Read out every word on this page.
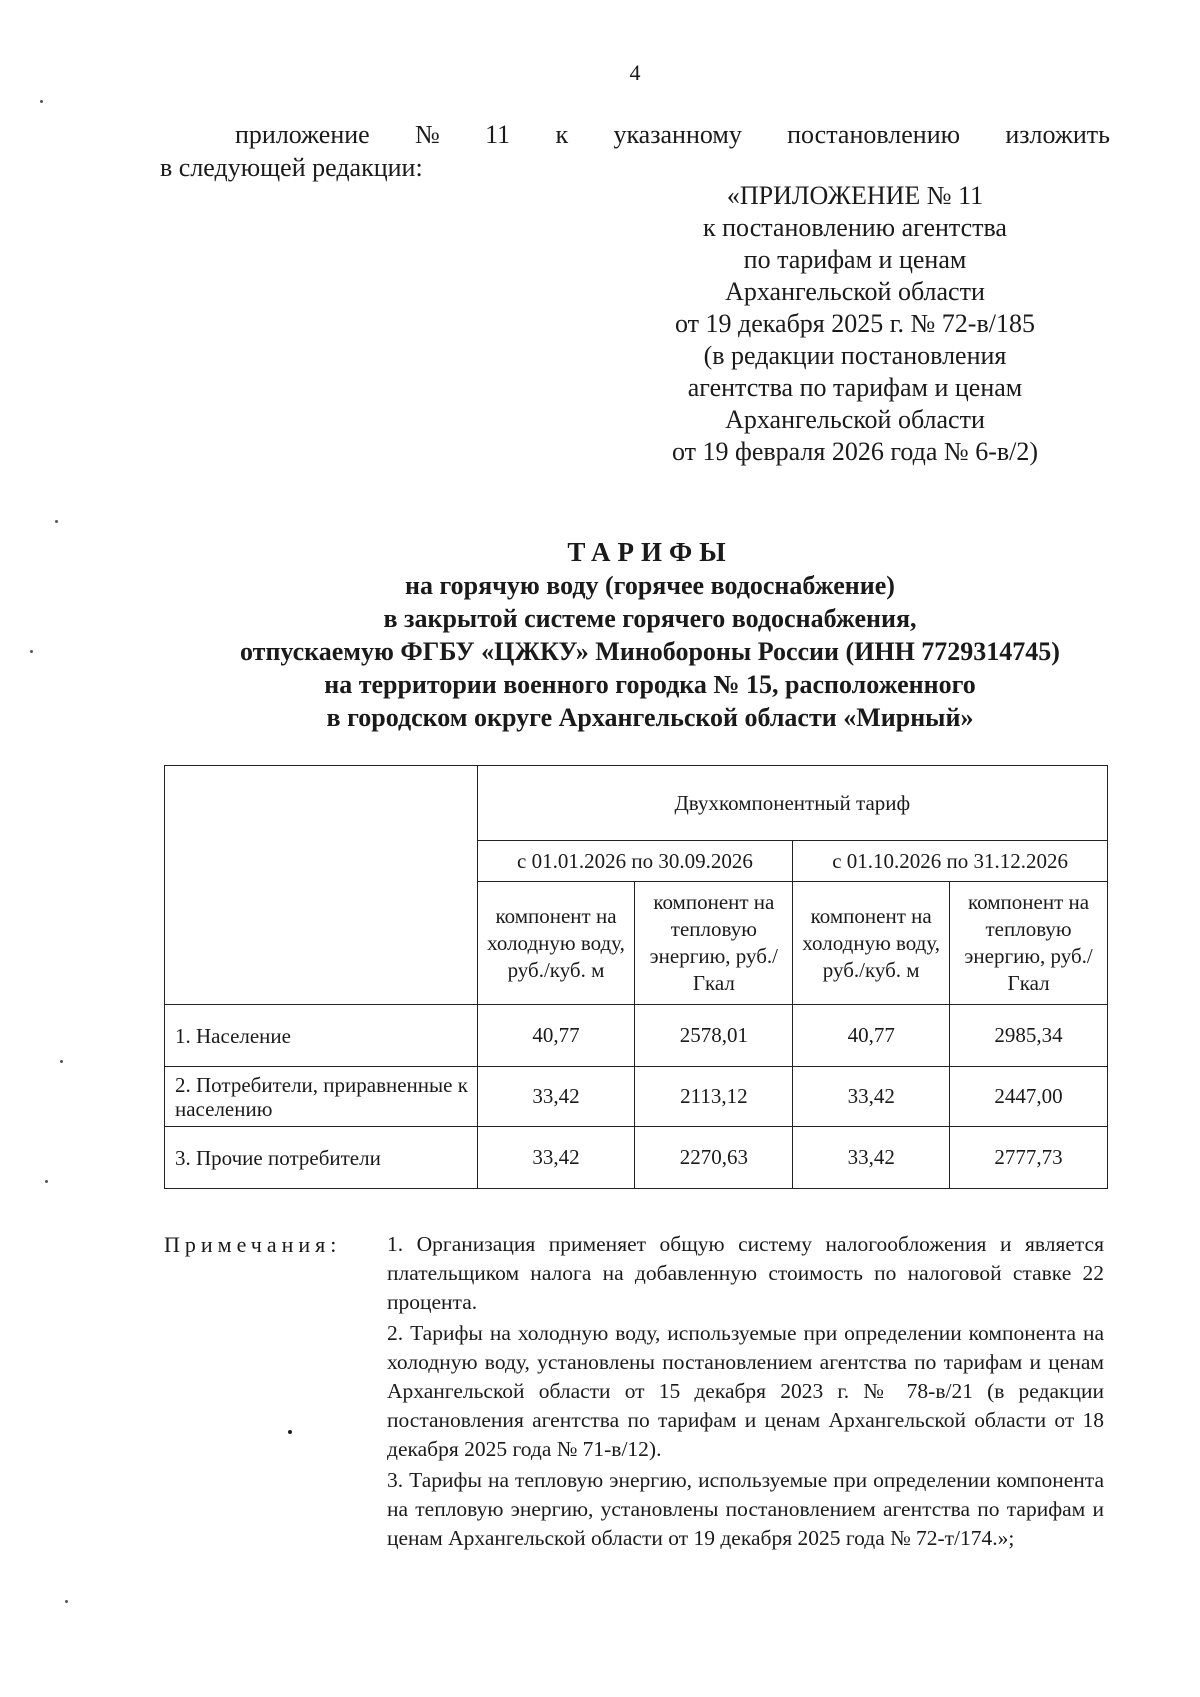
4
приложение № 11 к указанному постановлению изложить
в следующей редакции:
«ПРИЛОЖЕНИЕ № 11
к постановлению агентства
по тарифам и ценам
Архангельской области
от 19 декабря 2025 г. № 72-в/185
(в редакции постановления
агентства по тарифам и ценам
Архангельской области
от 19 февраля 2026 года № 6-в/2)
ТАРИФЫ
на горячую воду (горячее водоснабжение)
в закрытой системе горячего водоснабжения,
отпускаемую ФГБУ «ЦЖКУ» Минобороны России (ИНН 7729314745)
на территории военного городка № 15, расположенного
в городском округе Архангельской области «Мирный»
	Двухкомпонентный тариф			
	с 01.01.2026 по 30.09.2026		с 01.10.2026 по 31.12.2026	
	компонент на холодную воду, руб./куб. м	компонент на тепловую энергию, руб./Гкал	компонент на холодную воду, руб./куб. м	компонент на тепловую энергию, руб./Гкал
1. Население	40,77	2578,01	40,77	2985,34
2. Потребители, приравненные к населению	33,42	2113,12	33,42	2447,00
3. Прочие потребители	33,42	2270,63	33,42	2777,73
Примечания: 1. Организация применяет общую систему налогообложения и является плательщиком налога на добавленную стоимость по налоговой ставке 22 процента.

2. Тарифы на холодную воду, используемые при определении компонента на холодную воду, установлены постановлением агентства по тарифам и ценам Архангельской области от 15 декабря 2023 г. № 78-в/21 (в редакции постановления агентства по тарифам и ценам Архангельской области от 18 декабря 2025 года № 71-в/12).

3. Тарифы на тепловую энергию, используемые при определении компонента на тепловую энергию, установлены постановлением агентства по тарифам и ценам Архангельской области от 19 декабря 2025 года № 72-т/174.»;
